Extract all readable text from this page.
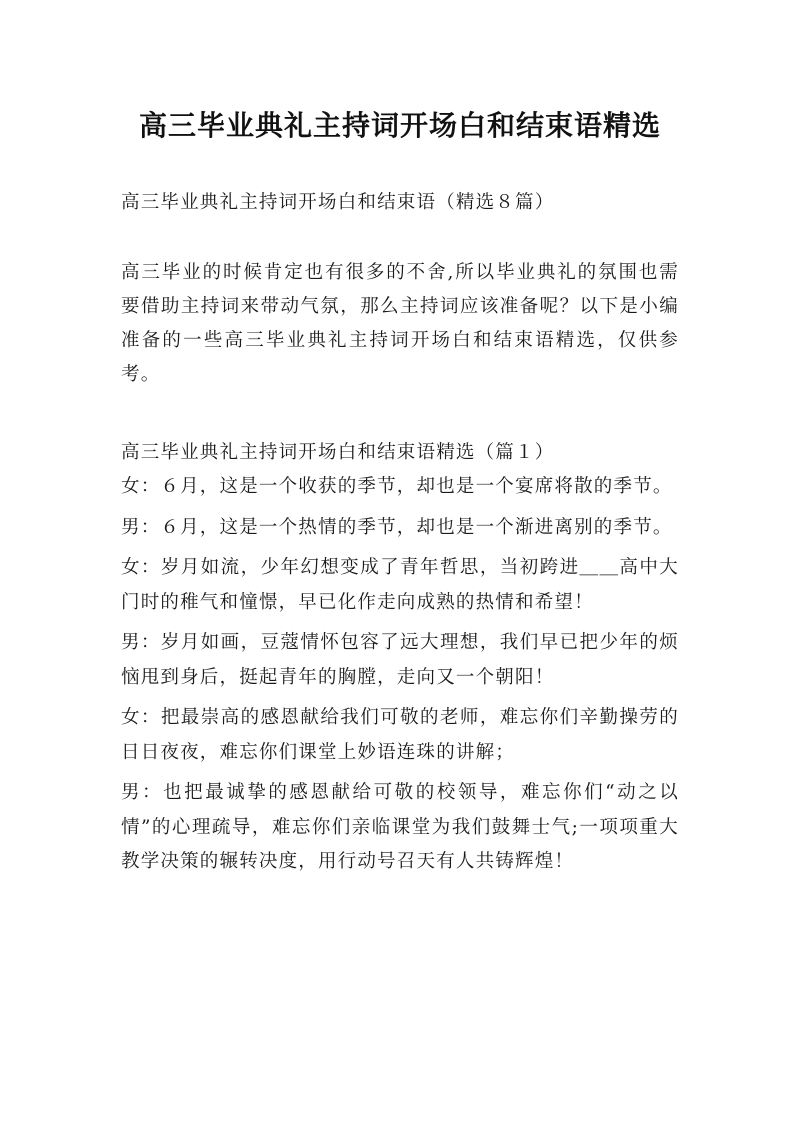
高三毕业典礼主持词开场白和结束语精选

高三毕业典礼主持词开场白和结束语（精选８篇）

高三毕业的时候肯定也有很多的不舍,所以毕业典礼的氛围也需要借助主持词来带动气氛，那么主持词应该准备呢？以下是小编准备的一些高三毕业典礼主持词开场白和结束语精选，仅供参考。

高三毕业典礼主持词开场白和结束语精选（篇１）

女：６月，这是一个收获的季节，却也是一个宴席将散的季节。

男：６月，这是一个热情的季节，却也是一个渐进离别的季节。

女：岁月如流，少年幻想变成了青年哲思，当初跨进＿＿高中大门时的稚气和憧憬，早已化作走向成熟的热情和希望！

男：岁月如画，豆蔻情怀包容了远大理想，我们早已把少年的烦恼甩到身后，挺起青年的胸膛，走向又一个朝阳！

女：把最崇高的感恩献给我们可敬的老师，难忘你们辛勤操劳的日日夜夜，难忘你们课堂上妙语连珠的讲解；

男：也把最诚挚的感恩献给可敬的校领导，难忘你们“动之以情”的心理疏导，难忘你们亲临课堂为我们鼓舞士气;一项项重大教学决策的辗转决度，用行动号召天有人共铸辉煌！
